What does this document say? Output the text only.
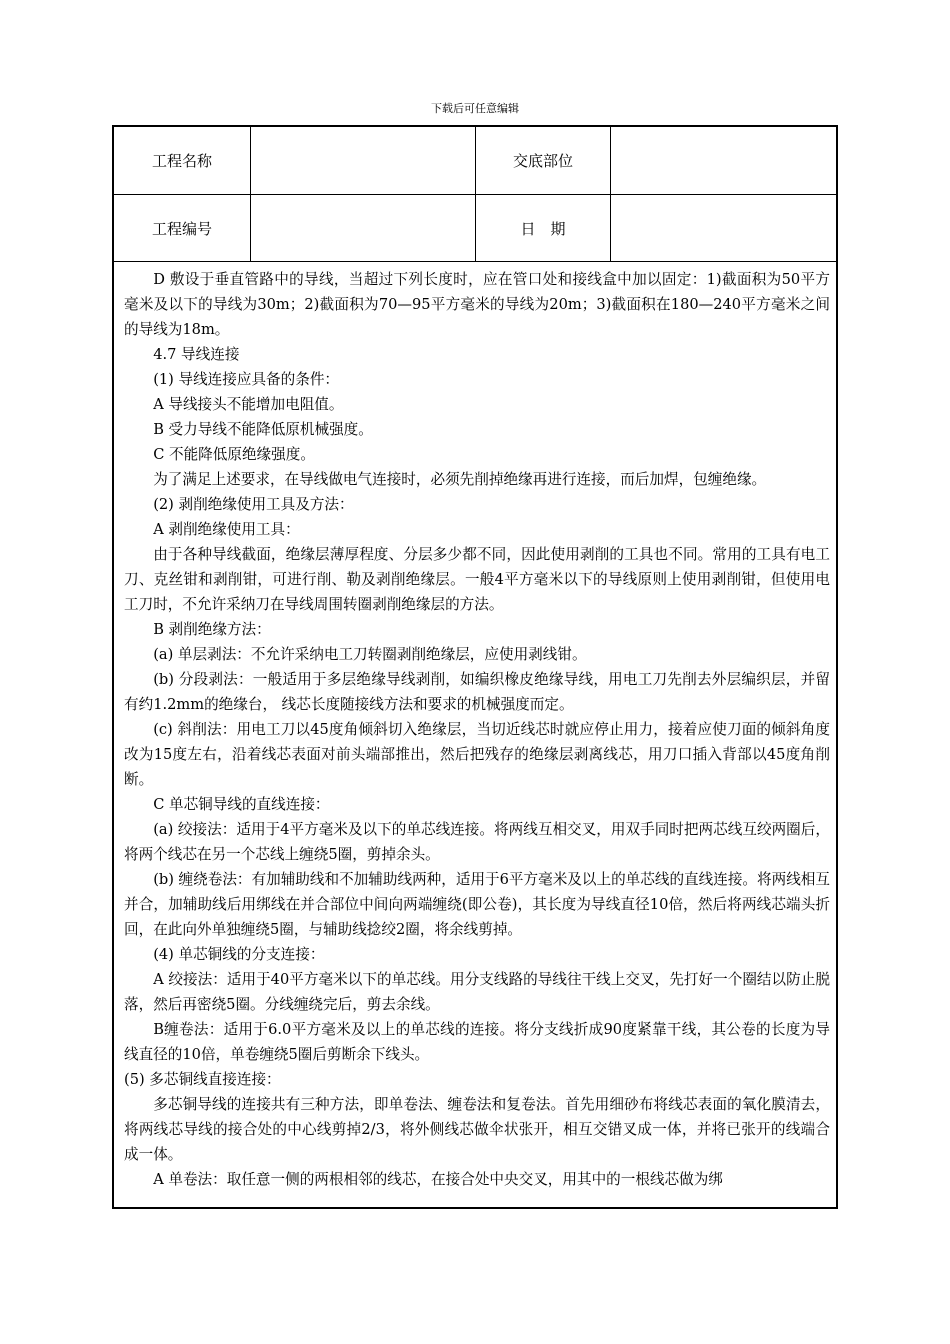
下载后可任意编辑
工程名称	交底部位
工程编号	日　期

D 敷设于垂直管路中的导线，当超过下列长度时，应在管口处和接线盒中加以固定：1)截面积为50平方毫米及以下的导线为30m；2)截面积为70—95平方毫米的导线为20m；3)截面积在180—240平方毫米之间的导线为18m。

4.7 导线连接

(1) 导线连接应具备的条件：

A 导线接头不能增加电阻值。

B 受力导线不能降低原机械强度。

C 不能降低原绝缘强度。

为了满足上述要求，在导线做电气连接时，必须先削掉绝缘再进行连接，而后加焊，包缠绝缘。

(2) 剥削绝缘使用工具及方法：

A 剥削绝缘使用工具：

由于各种导线截面，绝缘层薄厚程度、分层多少都不同，因此使用剥削的工具也不同。常用的工具有电工刀、克丝钳和剥削钳，可进行削、勒及剥削绝缘层。一般4平方毫米以下的导线原则上使用剥削钳，但使用电工刀时，不允许采纳刀在导线周围转圈剥削绝缘层的方法。

B 剥削绝缘方法：

(a) 单层剥法：不允许采纳电工刀转圈剥削绝缘层，应使用剥线钳。

(b) 分段剥法：一般适用于多层绝缘导线剥削，如编织橡皮绝缘导线，用电工刀先削去外层编织层，并留有约1.2mm的绝缘台， 线芯长度随接线方法和要求的机械强度而定。

(c) 斜削法：用电工刀以45度角倾斜切入绝缘层，当切近线芯时就应停止用力，接着应使刀面的倾斜角度改为15度左右，沿着线芯表面对前头端部推出，然后把残存的绝缘层剥离线芯，用刀口插入背部以45度角削断。

C 单芯铜导线的直线连接：

(a) 绞接法：适用于4平方毫米及以下的单芯线连接。将两线互相交叉，用双手同时把两芯线互绞两圈后，将两个线芯在另一个芯线上缠绕5圈，剪掉余头。

(b) 缠绕卷法：有加辅助线和不加辅助线两种，适用于6平方毫米及以上的单芯线的直线连接。将两线相互并合，加辅助线后用绑线在并合部位中间向两端缠绕(即公卷)，其长度为导线直径10倍，然后将两线芯端头折回，在此向外单独缠绕5圈，与辅助线捻绞2圈，将余线剪掉。

(4) 单芯铜线的分支连接：

A 绞接法：适用于40平方毫米以下的单芯线。用分支线路的导线往干线上交叉，先打好一个圈结以防止脱落，然后再密绕5圈。分线缠绕完后，剪去余线。

B缠卷法：适用于6.0平方毫米及以上的单芯线的连接。将分支线折成90度紧靠干线，其公卷的长度为导线直径的10倍，单卷缠绕5圈后剪断余下线头。

(5) 多芯铜线直接连接：

多芯铜导线的连接共有三种方法，即单卷法、缠卷法和复卷法。首先用细砂布将线芯表面的氧化膜清去，将两线芯导线的接合处的中心线剪掉2/3，将外侧线芯做伞状张开，相互交错叉成一体，并将已张开的线端合成一体。

A 单卷法：取任意一侧的两根相邻的线芯，在接合处中央交叉，用其中的一根线芯做为绑
